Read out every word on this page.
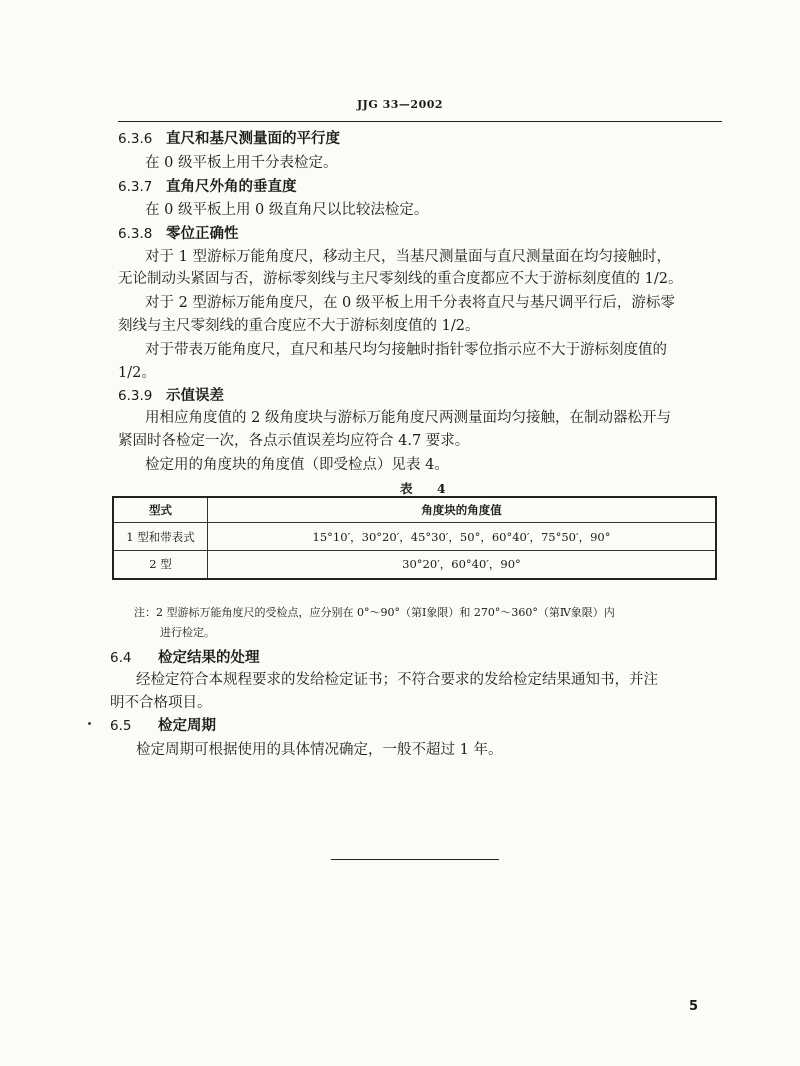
JJG 33—2002
6.3.6 直尺和基尺测量面的平行度
在 0 级平板上用千分表检定。
6.3.7 直角尺外角的垂直度
在 0 级平板上用 0 级直角尺以比较法检定。
6.3.8 零位正确性
对于 1 型游标万能角度尺，移动主尺，当基尺测量面与直尺测量面在均匀接触时，
无论制动头紧固与否，游标零刻线与主尺零刻线的重合度都应不大于游标刻度值的 1/2。
对于 2 型游标万能角度尺，在 0 级平板上用千分表将直尺与基尺调平行后，游标零
刻线与主尺零刻线的重合度应不大于游标刻度值的 1/2。
对于带表万能角度尺，直尺和基尺均匀接触时指针零位指示应不大于游标刻度值的
1/2。
6.3.9 示值误差
用相应角度值的 2 级角度块与游标万能角度尺两测量面均匀接触，在制动器松开与
紧固时各检定一次，各点示值误差均应符合 4.7 要求。
检定用的角度块的角度值（即受检点）见表 4。
表 4
型式	角度块的角度值
1 型和带表式	15°10′，30°20′，45°30′，50°，60°40′，75°50′，90°
2 型	30°20′，60°40′，90°
注：2 型游标万能角度尺的受检点，应分别在 0°～90°（第Ⅰ象限）和 270°～360°（第Ⅳ象限）内
进行检定。
6.4 检定结果的处理
经检定符合本规程要求的发给检定证书；不符合要求的发给检定结果通知书，并注
明不合格项目。
6.5 检定周期
检定周期可根据使用的具体情况确定，一般不超过 1 年。
5
